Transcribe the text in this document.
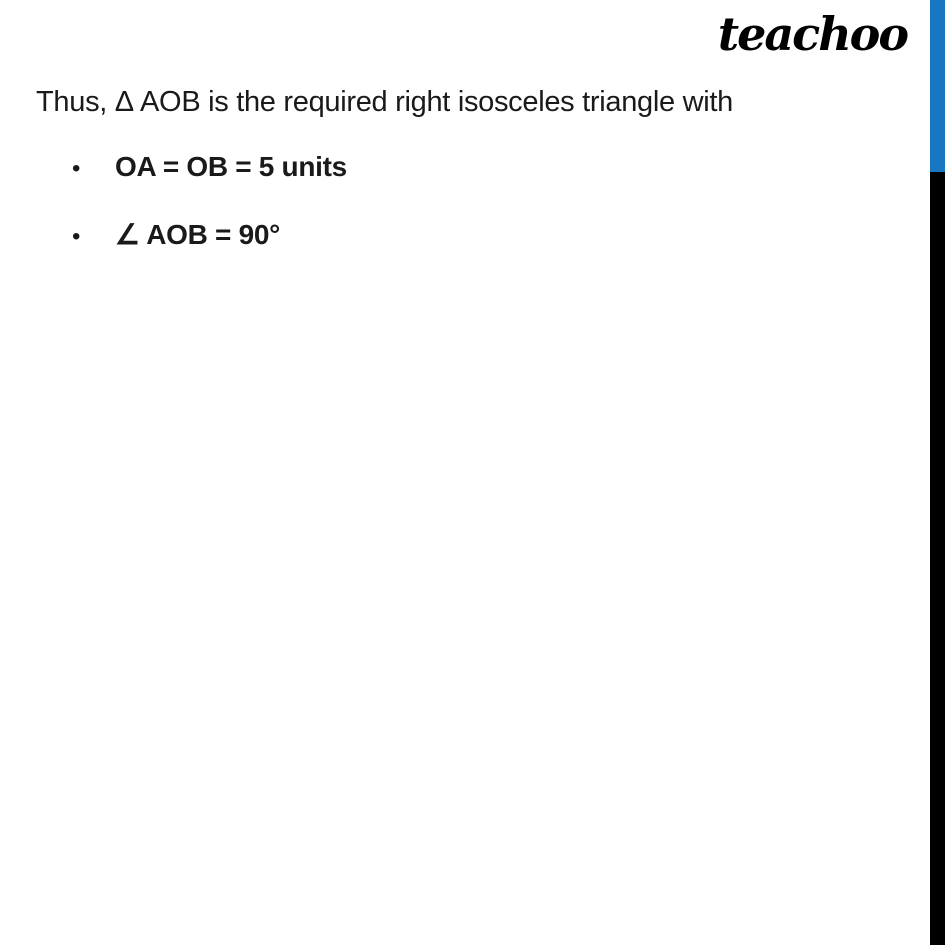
teachoo
Thus, Δ AOB is the required right isosceles triangle with
•
OA = OB = 5 units
•
∠ AOB = 90°
